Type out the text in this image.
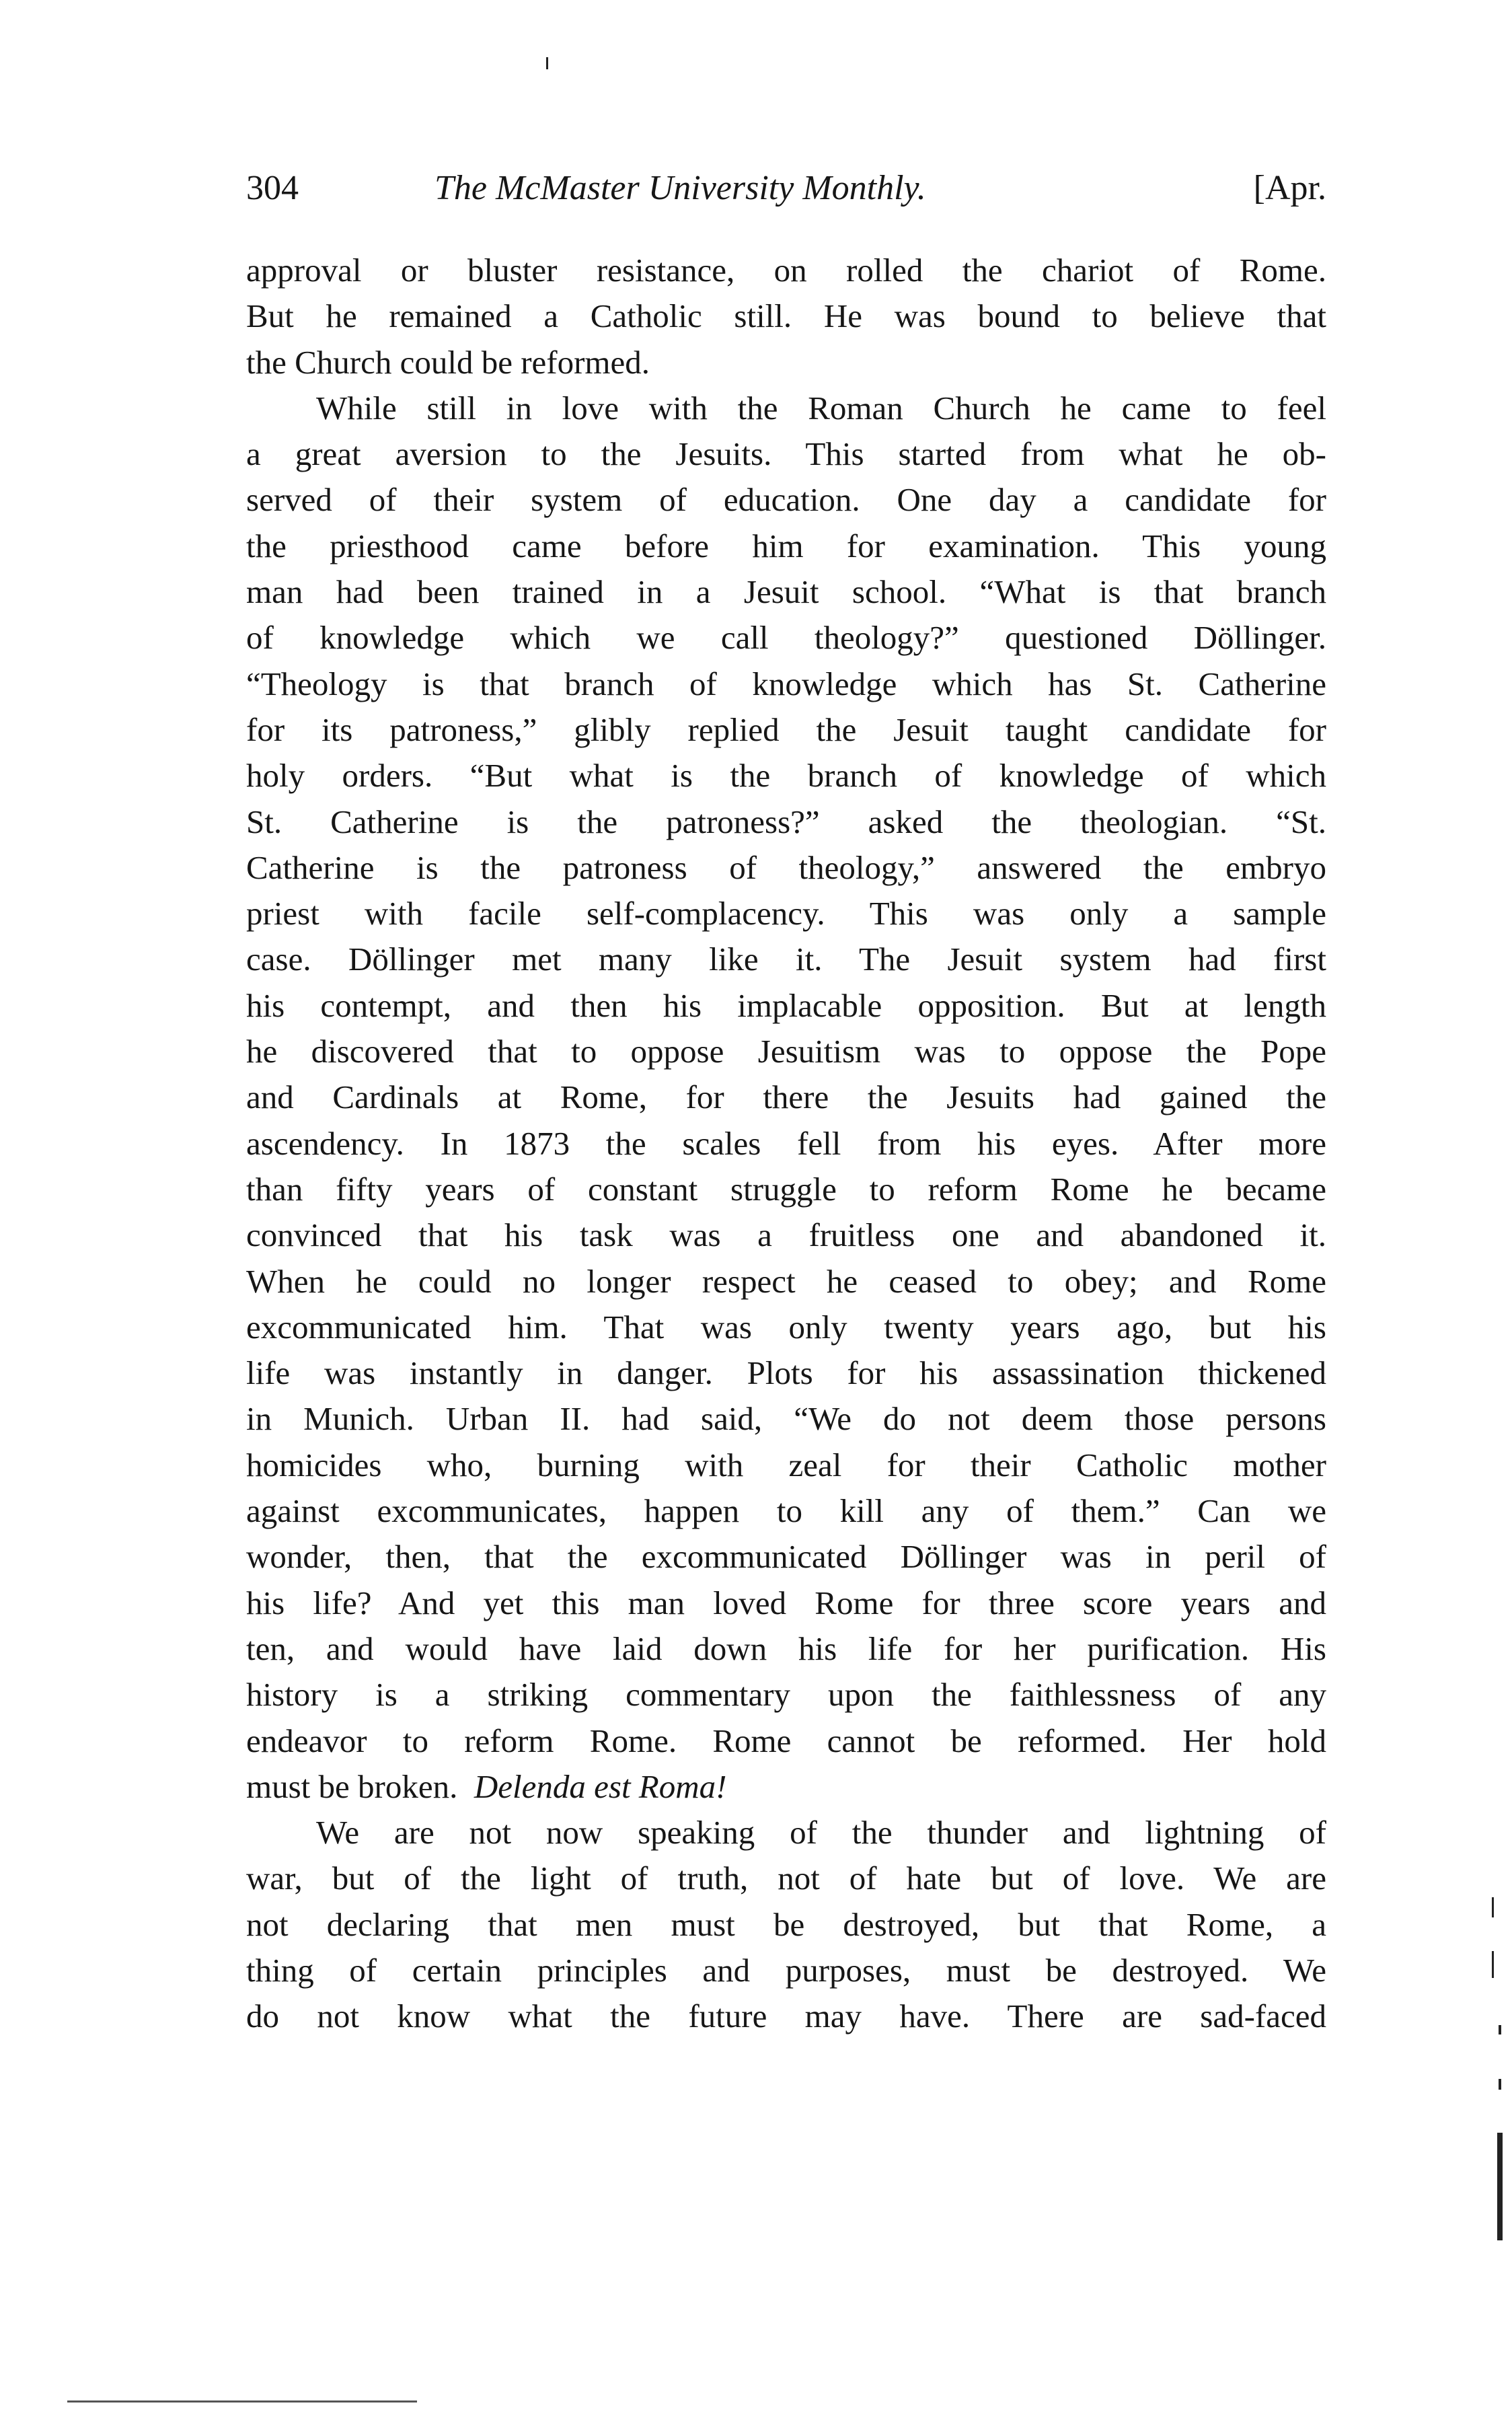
304	The McMaster University Monthly.	[Apr.
approval or bluster resistance, on rolled the chariot of Rome.
But he remained a Catholic still. He was bound to believe that
the Church could be reformed.
While still in love with the Roman Church he came to feel
a great aversion to the Jesuits. This started from what he ob-
served of their system of education. One day a candidate for
the priesthood came before him for examination. This young
man had been trained in a Jesuit school. “What is that branch
of knowledge which we call theology?” questioned Döllinger.
“Theology is that branch of knowledge which has St. Catherine
for its patroness,” glibly replied the Jesuit taught candidate for
holy orders. “But what is the branch of knowledge of which
St. Catherine is the patroness?” asked the theologian. “St.
Catherine is the patroness of theology,” answered the embryo
priest with facile self-complacency. This was only a sample
case. Döllinger met many like it. The Jesuit system had first
his contempt, and then his implacable opposition. But at length
he discovered that to oppose Jesuitism was to oppose the Pope
and Cardinals at Rome, for there the Jesuits had gained the
ascendency. In 1873 the scales fell from his eyes. After more
than fifty years of constant struggle to reform Rome he became
convinced that his task was a fruitless one and abandoned it.
When he could no longer respect he ceased to obey; and Rome
excommunicated him. That was only twenty years ago, but his
life was instantly in danger. Plots for his assassination thickened
in Munich. Urban II. had said, “We do not deem those persons
homicides who, burning with zeal for their Catholic mother
against excommunicates, happen to kill any of them.” Can we
wonder, then, that the excommunicated Döllinger was in peril of
his life? And yet this man loved Rome for three score years and
ten, and would have laid down his life for her purification. His
history is a striking commentary upon the faithlessness of any
endeavor to reform Rome. Rome cannot be reformed. Her hold
must be broken. Delenda est Roma!
We are not now speaking of the thunder and lightning of
war, but of the light of truth, not of hate but of love. We are
not declaring that men must be destroyed, but that Rome, a
thing of certain principles and purposes, must be destroyed. We
do not know what the future may have. There are sad-faced
